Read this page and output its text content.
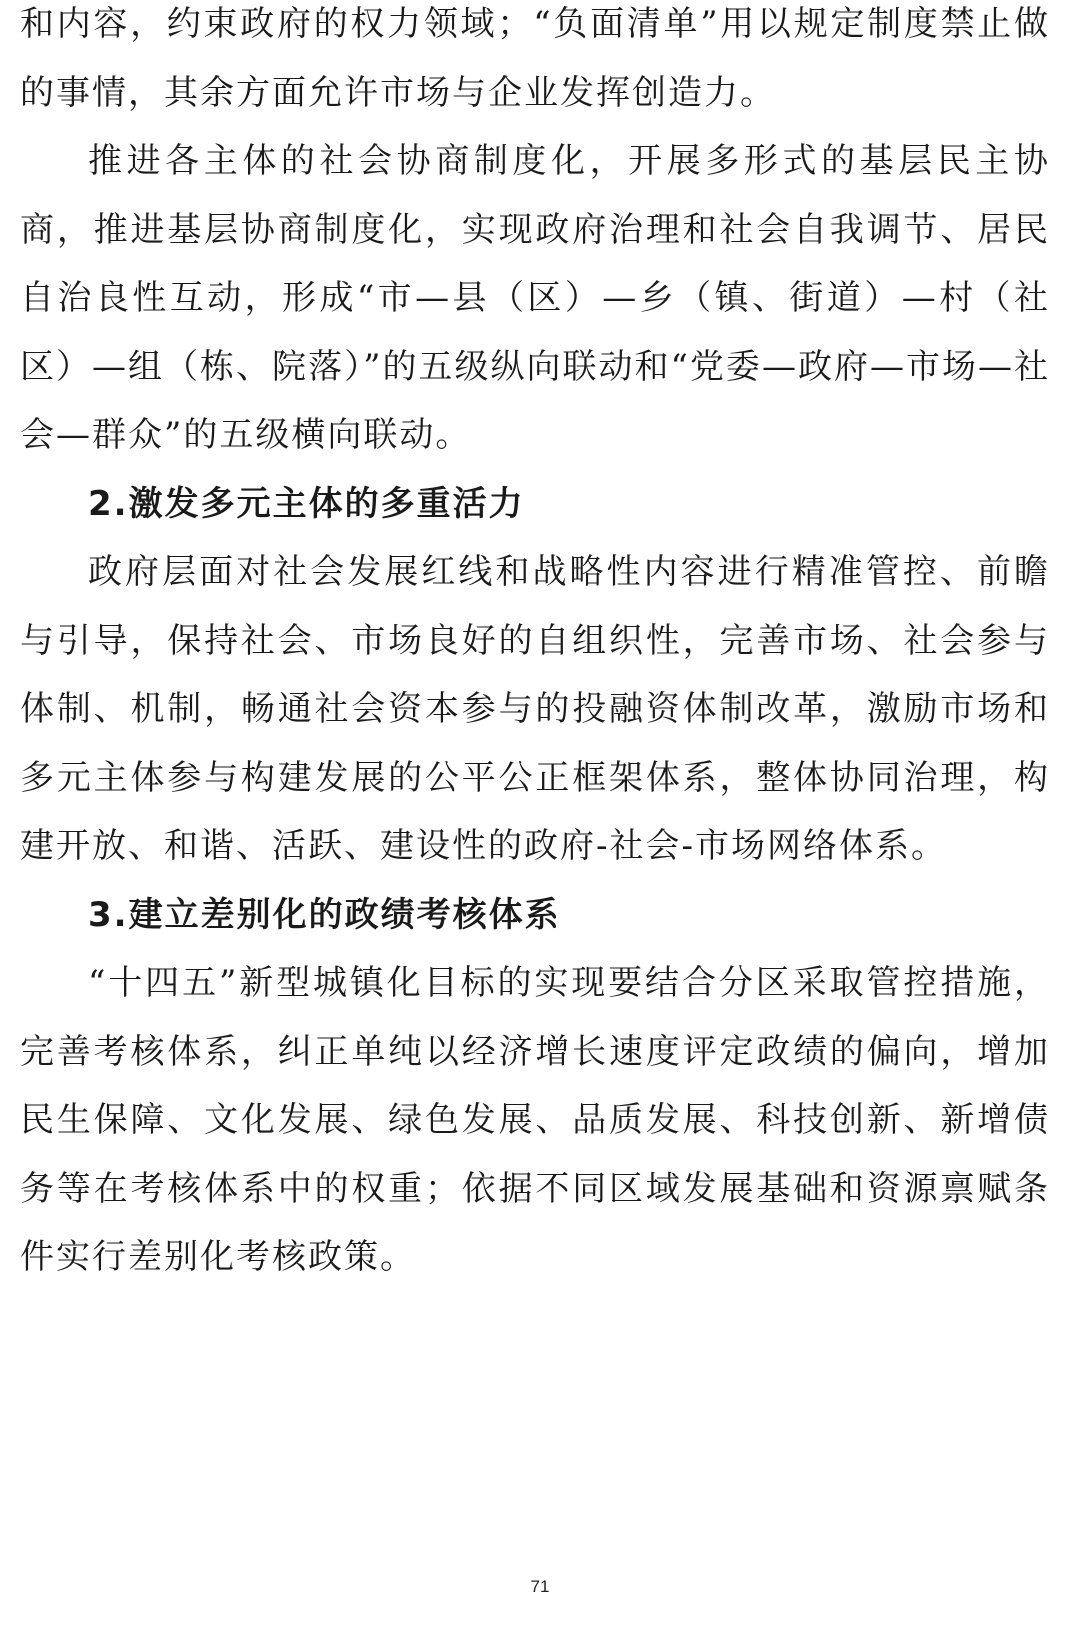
和内容，约束政府的权力领域；“负面清单”用以规定制度禁止做的事情，其余方面允许市场与企业发挥创造力。

推进各主体的社会协商制度化，开展多形式的基层民主协商，推进基层协商制度化，实现政府治理和社会自我调节、居民自治良性互动，形成“市—县（区）—乡（镇、街道）—村（社区）—组（栋、院落）”的五级纵向联动和“党委—政府—市场—社会—群众”的五级横向联动。

2.激发多元主体的多重活力

政府层面对社会发展红线和战略性内容进行精准管控、前瞻与引导，保持社会、市场良好的自组织性，完善市场、社会参与体制、机制，畅通社会资本参与的投融资体制改革，激励市场和多元主体参与构建发展的公平公正框架体系，整体协同治理，构建开放、和谐、活跃、建设性的政府-社会-市场网络体系。

3.建立差别化的政绩考核体系

“十四五”新型城镇化目标的实现要结合分区采取管控措施，完善考核体系，纠正单纯以经济增长速度评定政绩的偏向，增加民生保障、文化发展、绿色发展、品质发展、科技创新、新增债务等在考核体系中的权重；依据不同区域发展基础和资源禀赋条件实行差别化考核政策。

71
